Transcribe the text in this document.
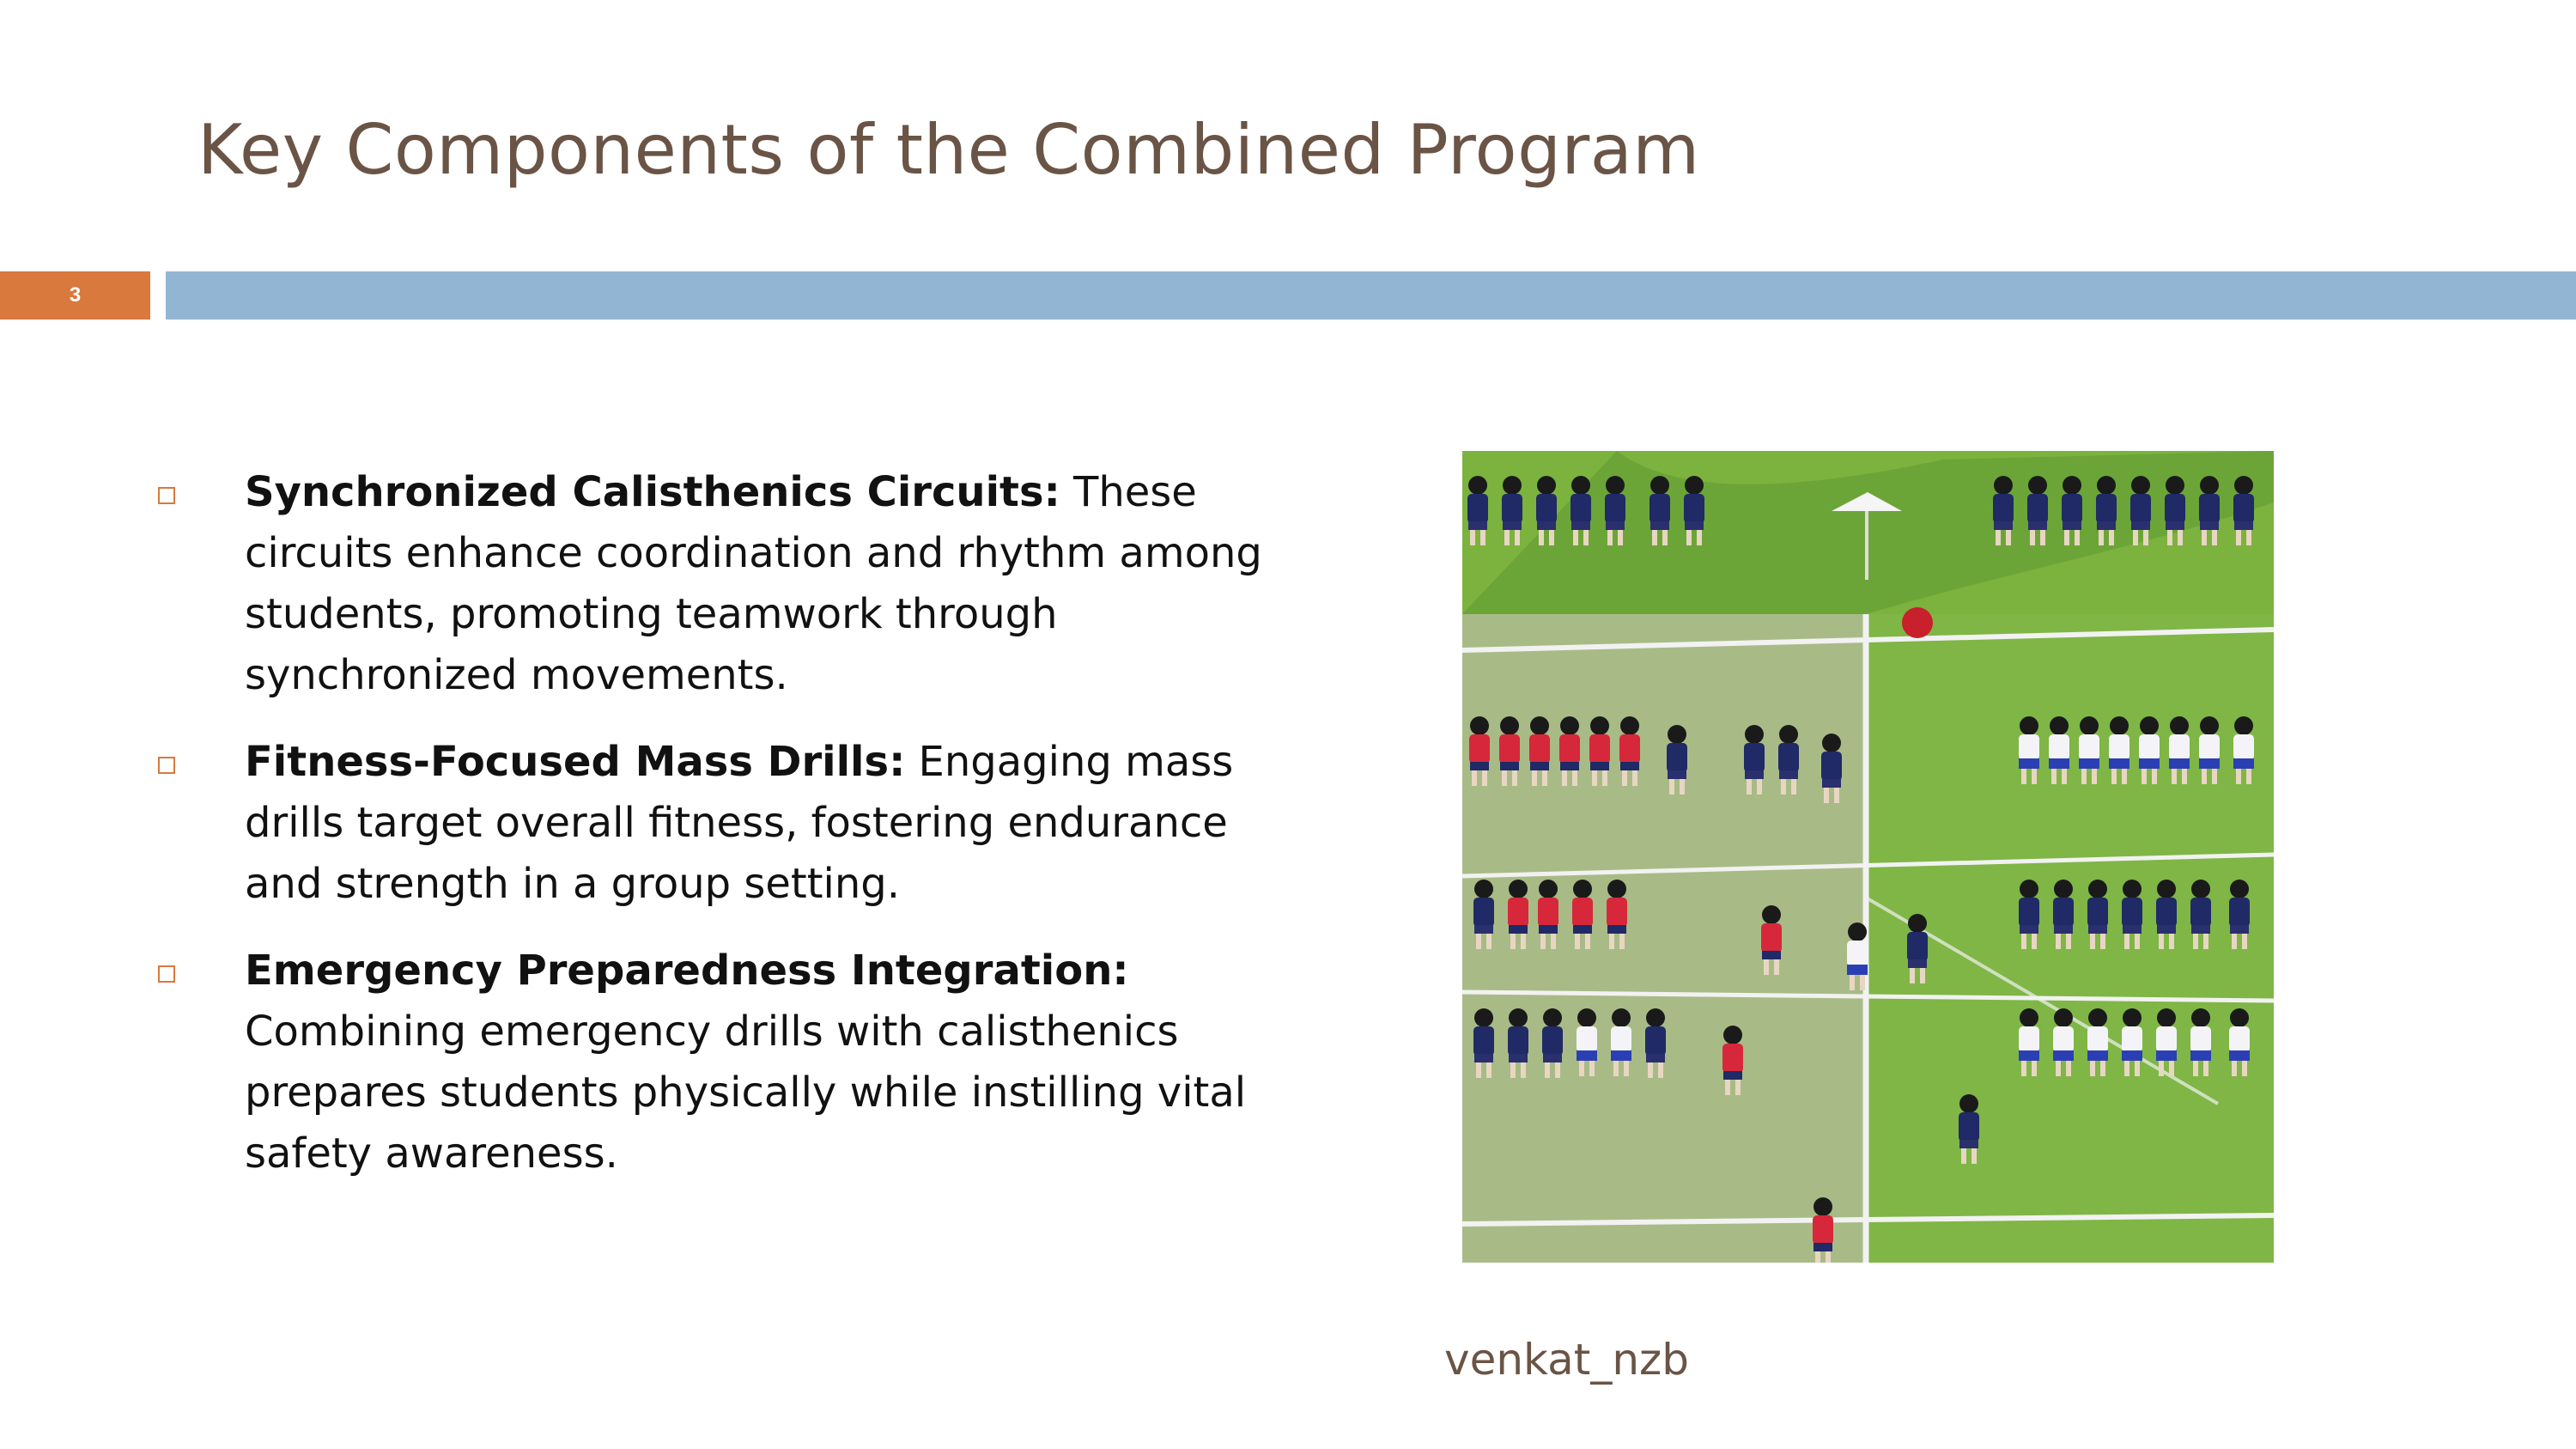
Key Components of the Combined Program
3
Synchronized Calisthenics Circuits: These circuits enhance coordination and rhythm among students, promoting teamwork through synchronized movements.
Fitness-Focused Mass Drills: Engaging mass drills target overall fitness, fostering endurance and strength in a group setting.
Emergency Preparedness Integration: Combining emergency drills with calisthenics prepares students physically while instilling vital safety awareness.
venkat_nzb
